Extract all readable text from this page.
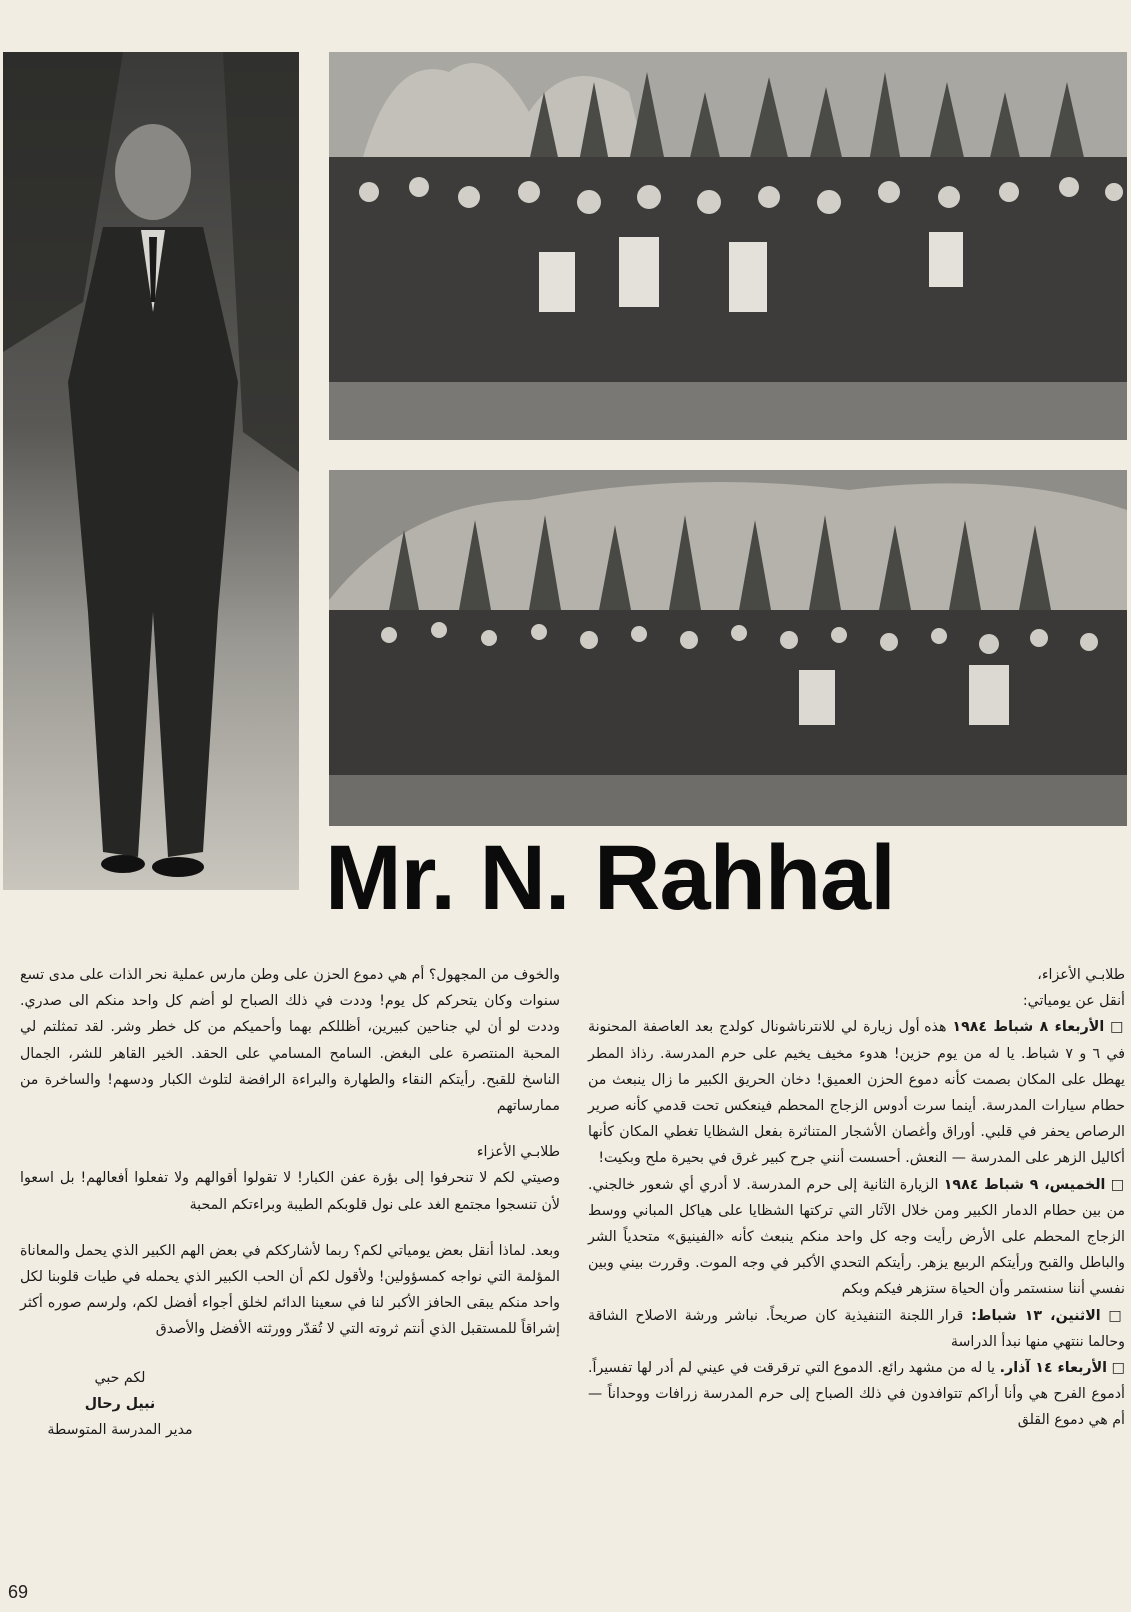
Mr. N. Rahhal

طلابـي الأعزاء،

أنقل عن يومياتي:

□ الأربعاء ٨ شباط ١٩٨٤ هذه أول زيارة لي للانترناشونال كولدج بعد العاصفة المحنونة في ٦ و ٧ شباط. يا له من يوم حزين! هدوء مخيف يخيم على حرم المدرسة. رذاذ المطر يهطل على المكان بصمت كأنه دموع الحزن العميق! دخان الحريق الكبير ما زال ينبعث من حطام سيارات المدرسة. أينما سرت أدوس الزجاج المحطم فينعكس تحت قدمي كأنه صرير الرصاص يحفر في قلبي. أوراق وأغصان الأشجار المتناثرة بفعل الشظايا تغطي المكان كأنها أكاليل الزهر على المدرسة — النعش. أحسست أنني جرح كبير غرق في بحيرة ملح وبكيت!

□ الخميس، ٩ شباط ١٩٨٤ الزيارة الثانية إلى حرم المدرسة. لا أدري أي شعور خالجني. من بين حطام الدمار الكبير ومن خلال الآثار التي تركتها الشظايا على هياكل المباني ووسط الزجاج المحطم على الأرض رأيت وجه كل واحد منكم ينبعث كأنه «الفينيق» متحدياً الشر والباطل والقبح ورأيتكم الربيع يزهر. رأيتكم التحدي الأكبر في وجه الموت. وقررت بيني وبين نفسي أننا سنستمر وأن الحياة ستزهر فيكم وبكم

□ الاثنين، ١٣ شباط: قرار اللجنة التنفيذية كان صريحاً. نباشر ورشة الاصلاح الشاقة وحالما ننتهي منها نبدأ الدراسة

□ الأربعاء ١٤ آذار. يا له من مشهد رائع. الدموع التي ترقرقت في عيني لم أدر لها تفسيراً. أدموع الفرح هي وأنا أراكم تتوافدون في ذلك الصباح إلى حرم المدرسة زرافات ووحداناً — أم هي دموع القلق

والخوف من المجهول؟ أم هي دموع الحزن على وطن مارس عملية نحر الذات على مدى تسع سنوات وكان يتحركم كل يوم! وددت في ذلك الصباح لو أضم كل واحد منكم الى صدري. وددت لو أن لي جناحين كبيرين، أظللكم بهما وأحميكم من كل خطر وشر. لقد تمثلتم لي المحبة المنتصرة على البغض. السامح المسامي على الحقد. الخير القاهر للشر، الجمال الناسخ للقبح. رأيتكم النقاء والطهارة والبراءة الرافضة لتلوث الكبار ودسهم! والساخرة من ممارساتهم

طلابـي الأعزاء

وصيتي لكم لا تنحرفوا إلى بؤرة عفن الكبار! لا تقولوا أقوالهم ولا تفعلوا أفعالهم! بل اسعوا لأن تنسجوا مجتمع الغد على نول قلوبكم الطيبة وبراءتكم المحبة

وبعد. لماذا أنقل بعض يومياتي لكم؟ ربما لأشارككم في بعض الهم الكبير الذي يحمل والمعاناة المؤلمة التي نواجه كمسؤولين! ولأقول لكم أن الحب الكبير الذي يحمله في طيات قلوبنا لكل واحد منكم يبقى الحافز الأكبر لنا في سعينا الدائم لخلق أجواء أفضل لكم، ولرسم صوره أكثر إشراقاً للمستقبل الذي أنتم ثروته التي لا تُقدّر وورثته الأفضل والأصدق

لكم حبي

نبيل رحال

مدير المدرسة المتوسطة

69
